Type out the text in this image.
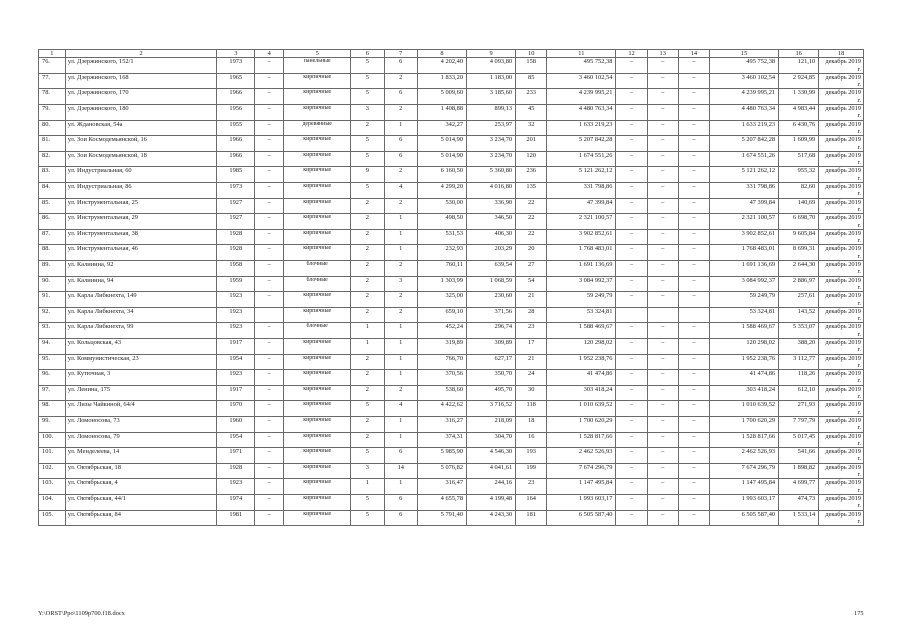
1	2	3	4	5	6	7	8	9	10	11	12	13	14	15	16	18
76.	ул. Дзержинского, 152/1	1973	–	панельные	5	6	4 202,40	4 093,80	158	495 752,38	–	–	–	495 752,38	121,10	декабрь 2019 г.
77.	ул. Дзержинского, 168	1965	–	кирпичные	5	2	1 833,20	1 183,00	85	3 460 102,54	–	–	–	3 460 102,54	2 924,85	декабрь 2019 г.
78.	ул. Дзержинского, 170	1966	–	кирпичные	5	6	5 009,60	3 185,60	233	4 239 995,21	–	–	–	4 239 995,21	1 330,99	декабрь 2019 г.
79.	ул. Дзержинского, 180	1956	–	кирпичные	3	2	1 408,88	899,13	45	4 480 763,34	–	–	–	4 480 763,34	4 983,44	декабрь 2019 г.
80.	ул. Ждановская, 54а	1955	–	деревянные	2	1	342,27	253,97	32	1 633 219,23	–	–	–	1 633 219,23	6 430,76	декабрь 2019 г.
81.	ул. Зои Космодемьянской, 16	1966	–	кирпичные	5	6	5 014,90	3 234,70	201	5 207 842,28	–	–	–	5 207 842,28	1 609,99	декабрь 2019 г.
82.	ул. Зои Космодемьянской, 18	1966	–	кирпичные	5	6	5 014,90	3 234,70	120	1 674 551,26	–	–	–	1 674 551,26	517,68	декабрь 2019 г.
83.	ул. Индустриальная, 60	1985	–	кирпичные	9	2	6 160,50	5 360,80	236	5 121 262,12	–	–	–	5 121 262,12	955,32	декабрь 2019 г.
84.	ул. Индустриальная, 86	1973	–	кирпичные	5	4	4 299,20	4 016,80	135	331 798,86	–	–	–	331 798,86	82,60	декабрь 2019 г.
85.	ул. Инструментальная, 25	1927	–	кирпичные	2	2	530,00	336,90	22	47 399,84	–	–	–	47 399,84	140,69	декабрь 2019 г.
86.	ул. Инструментальная, 29	1927	–	кирпичные	2	1	498,50	346,50	22	2 321 100,57	–	–	–	2 321 100,57	6 698,70	декабрь 2019 г.
87.	ул. Инструментальная, 38	1928	–	кирпичные	2	1	531,53	406,30	22	3 902 852,61	–	–	–	3 902 852,61	9 605,84	декабрь 2019 г.
88.	ул. Инструментальная, 46	1928	–	кирпичные	2	1	232,93	203,29	20	1 768 483,01	–	–	–	1 768 483,01	8 699,31	декабрь 2019 г.
89.	ул. Калинина, 92	1958	–	блочные	2	2	760,11	639,54	27	1 691 136,69	–	–	–	1 691 136,69	2 644,30	декабрь 2019 г.
90.	ул. Калинина, 94	1959	–	блочные	2	3	1 303,99	1 068,59	54	3 084 992,37	–	–	–	3 084 992,37	2 886,97	декабрь 2019 г.
91.	ул. Карла Либкнехта, 149	1923	–	кирпичные	2	2	325,00	230,60	21	59 249,79	–	–	–	59 249,79	257,61	декабрь 2019 г.
92.	ул. Карла Либкнехта, 34	1923		кирпичные	2	2	659,10	371,56	28	53 324,81				53 324,81	143,52	декабрь 2019 г.
93.	ул. Карла Либкнехта, 99	1923	–	блочные	1	1	452,24	296,74	23	1 588 469,67	–	–	–	1 588 469,67	5 353,07	декабрь 2019 г.
94.	ул. Кольцовская, 43	1917	–	кирпичные	1	1	319,89	309,89	17	120 298,02	–	–	–	120 298,02	388,20	декабрь 2019 г.
95.	ул. Коммунистическая, 23	1954	–	кирпичные	2	1	766,70	627,17	21	1 952 238,76	–	–	–	1 952 238,76	3 112,77	декабрь 2019 г.
96.	ул. Кутючная, 3	1923	–	кирпичные	2	1	370,56	350,70	24	41 474,86	–	–	–	41 474,86	118,26	декабрь 2019 г.
97.	ул. Ленина, 175	1917	–	кирпичные	2	2	538,60	495,70	30	303 418,24	–	–	–	303 418,24	612,10	декабрь 2019 г.
98.	ул. Лизы Чайкиной, 64/4	1970	–	кирпичные	5	4	4 422,62	3 716,52	118	1 010 639,52	–	–	–	1 010 639,52	271,93	декабрь 2019 г.
99.	ул. Ломоносова, 73	1960	–	кирпичные	2	1	316,27	218,09	18	1 700 620,29	–	–	–	1 700 620,29	7 797,79	декабрь 2019 г.
100.	ул. Ломоносова, 79	1954	–	кирпичные	2	1	374,31	304,70	16	1 528 817,66	–	–	–	1 528 817,66	5 017,45	декабрь 2019 г.
101.	ул. Менделеева, 14	1971	–	кирпичные	5	6	5 985,90	4 546,30	193	2 462 526,93	–	–	–	2 462 526,93	541,66	декабрь 2019 г.
102.	ул. Октябрьская, 18	1928	–	кирпичные	3	14	5 076,82	4 041,61	199	7 674 296,79	–	–	–	7 674 296,79	1 898,82	декабрь 2019 г.
103.	ул. Октябрьская, 4	1923	–	кирпичные	1	1	316,47	244,16	23	1 147 495,84	–	–	–	1 147 495,84	4 699,77	декабрь 2019 г.
104.	ул. Октябрьская, 44/1	1974	–	кирпичные	5	6	4 655,78	4 199,48	164	1 993 603,17	–	–	–	1 993 603,17	474,73	декабрь 2019 г.
105.	ул. Октябрьская, 84	1981	–	кирпичные	5	6	5 791,40	4 243,30	181	6 505 587,40	–	–	–	6 505 587,40	1 533,14	декабрь 2019 г.
Y:\ORST\Ppo\1109p700.f18.docx	175
